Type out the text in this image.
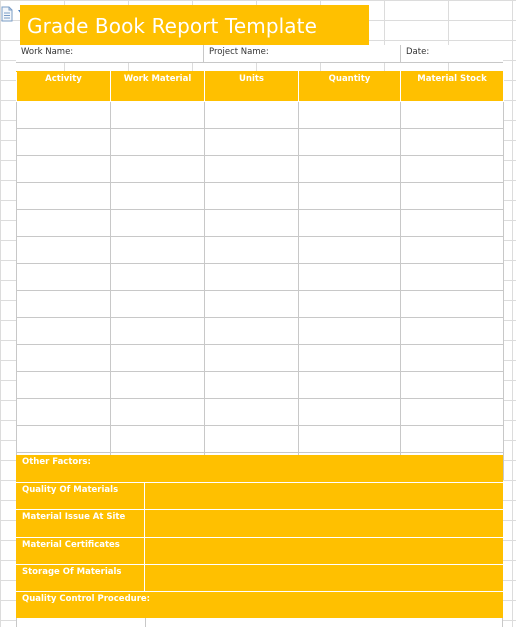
Grade Book Report Template
Work Name:	Project Name:	Date:
Activity	Work Material	Units	Quantity	Material Stock

Other Factors:
Quality Of Materials
Material Issue At Site
Material Certificates
Storage Of Materials
Quality Control Procedure:
